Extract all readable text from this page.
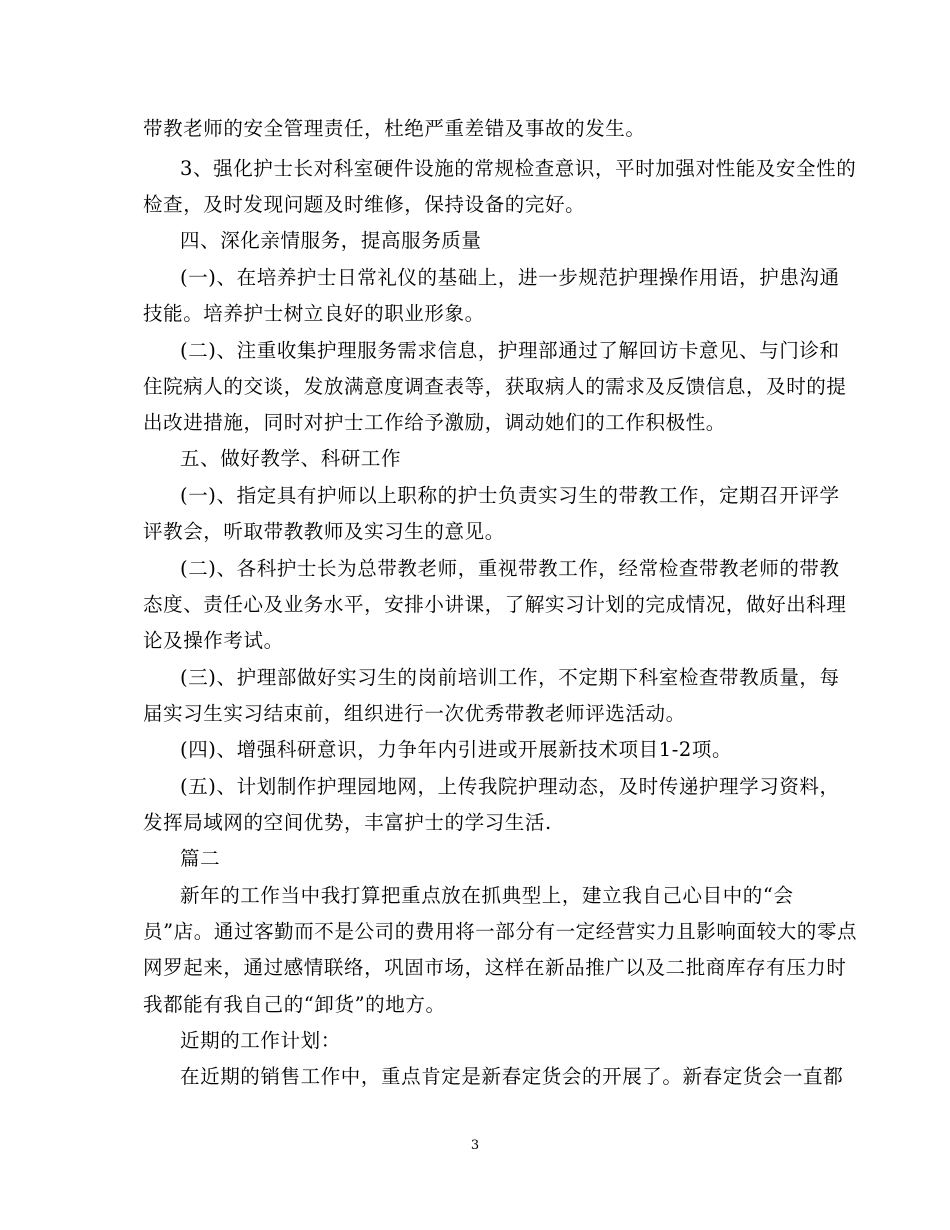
带教老师的安全管理责任，杜绝严重差错及事故的发生。
3、强化护士长对科室硬件设施的常规检查意识，平时加强对性能及安全性的
检查，及时发现问题及时维修，保持设备的完好。
四、深化亲情服务，提高服务质量
(一)、在培养护士日常礼仪的基础上，进一步规范护理操作用语，护患沟通
技能。培养护士树立良好的职业形象。
(二)、注重收集护理服务需求信息，护理部通过了解回访卡意见、与门诊和
住院病人的交谈，发放满意度调查表等，获取病人的需求及反馈信息，及时的提
出改进措施，同时对护士工作给予激励，调动她们的工作积极性。
五、做好教学、科研工作
(一)、指定具有护师以上职称的护士负责实习生的带教工作，定期召开评学
评教会，听取带教教师及实习生的意见。
(二)、各科护士长为总带教老师，重视带教工作，经常检查带教老师的带教
态度、责任心及业务水平，安排小讲课，了解实习计划的完成情况，做好出科理
论及操作考试。
(三)、护理部做好实习生的岗前培训工作，不定期下科室检查带教质量，每
届实习生实习结束前，组织进行一次优秀带教老师评选活动。
(四)、增强科研意识，力争年内引进或开展新技术项目1-2项。
(五)、计划制作护理园地网，上传我院护理动态，及时传递护理学习资料，
发挥局域网的空间优势，丰富护士的学习生活.
篇二
新年的工作当中我打算把重点放在抓典型上，建立我自己心目中的“会
员”店。通过客勤而不是公司的费用将一部分有一定经营实力且影响面较大的零点
网罗起来，通过感情联络，巩固市场，这样在新品推广以及二批商库存有压力时
我都能有我自己的“卸货”的地方。
近期的工作计划：
在近期的销售工作中，重点肯定是新春定货会的开展了。新春定货会一直都
3
